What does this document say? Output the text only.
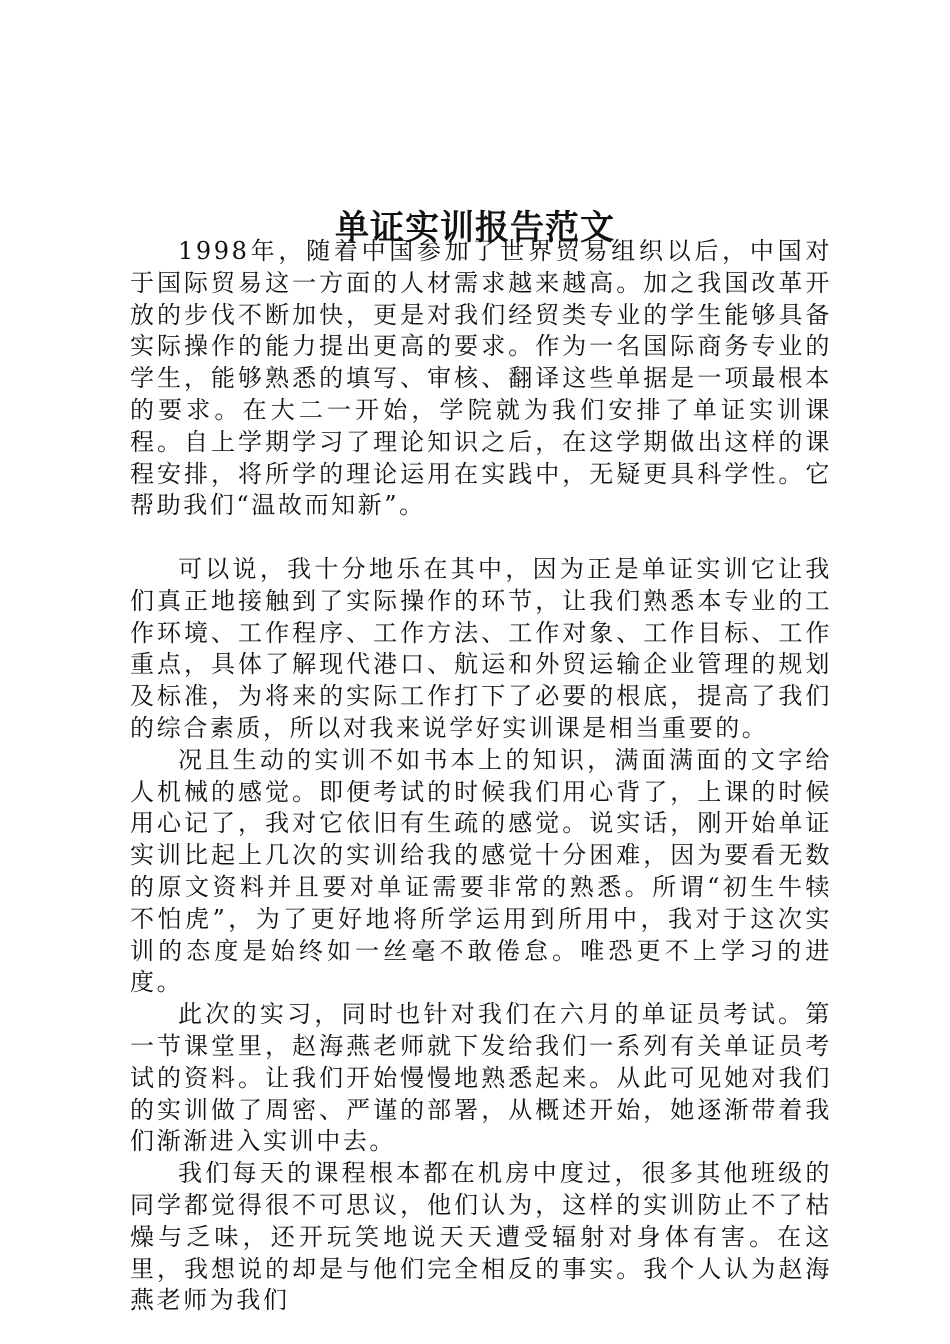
单证实训报告范文

1998年，随着中国参加了世界贸易组织以后，中国对于国际贸易这一方面的人材需求越来越高。加之我国改革开放的步伐不断加快，更是对我们经贸类专业的学生能够具备实际操作的能力提出更高的要求。作为一名国际商务专业的学生，能够熟悉的填写、审核、翻译这些单据是一项最根本的要求。在大二一开始，学院就为我们安排了单证实训课程。自上学期学习了理论知识之后，在这学期做出这样的课程安排，将所学的理论运用在实践中，无疑更具科学性。它帮助我们“温故而知新”。

可以说，我十分地乐在其中，因为正是单证实训它让我们真正地接触到了实际操作的环节，让我们熟悉本专业的工作环境、工作程序、工作方法、工作对象、工作目标、工作重点，具体了解现代港口、航运和外贸运输企业管理的规划及标准，为将来的实际工作打下了必要的根底，提高了我们的综合素质，所以对我来说学好实训课是相当重要的。

况且生动的实训不如书本上的知识，满面满面的文字给人机械的感觉。即便考试的时候我们用心背了，上课的时候用心记了，我对它依旧有生疏的感觉。说实话，刚开始单证实训比起上几次的实训给我的感觉十分困难，因为要看无数的原文资料并且要对单证需要非常的熟悉。所谓“初生牛犊不怕虎”，为了更好地将所学运用到所用中，我对于这次实训的态度是始终如一丝毫不敢倦怠。唯恐更不上学习的进度。

此次的实习，同时也针对我们在六月的单证员考试。第一节课堂里，赵海燕老师就下发给我们一系列有关单证员考试的资料。让我们开始慢慢地熟悉起来。从此可见她对我们的实训做了周密、严谨的部署，从概述开始，她逐渐带着我们渐渐进入实训中去。

我们每天的课程根本都在机房中度过，很多其他班级的同学都觉得很不可思议，他们认为，这样的实训防止不了枯燥与乏味，还开玩笑地说天天遭受辐射对身体有害。在这里，我想说的却是与他们完全相反的事实。我个人认为赵海燕老师为我们
